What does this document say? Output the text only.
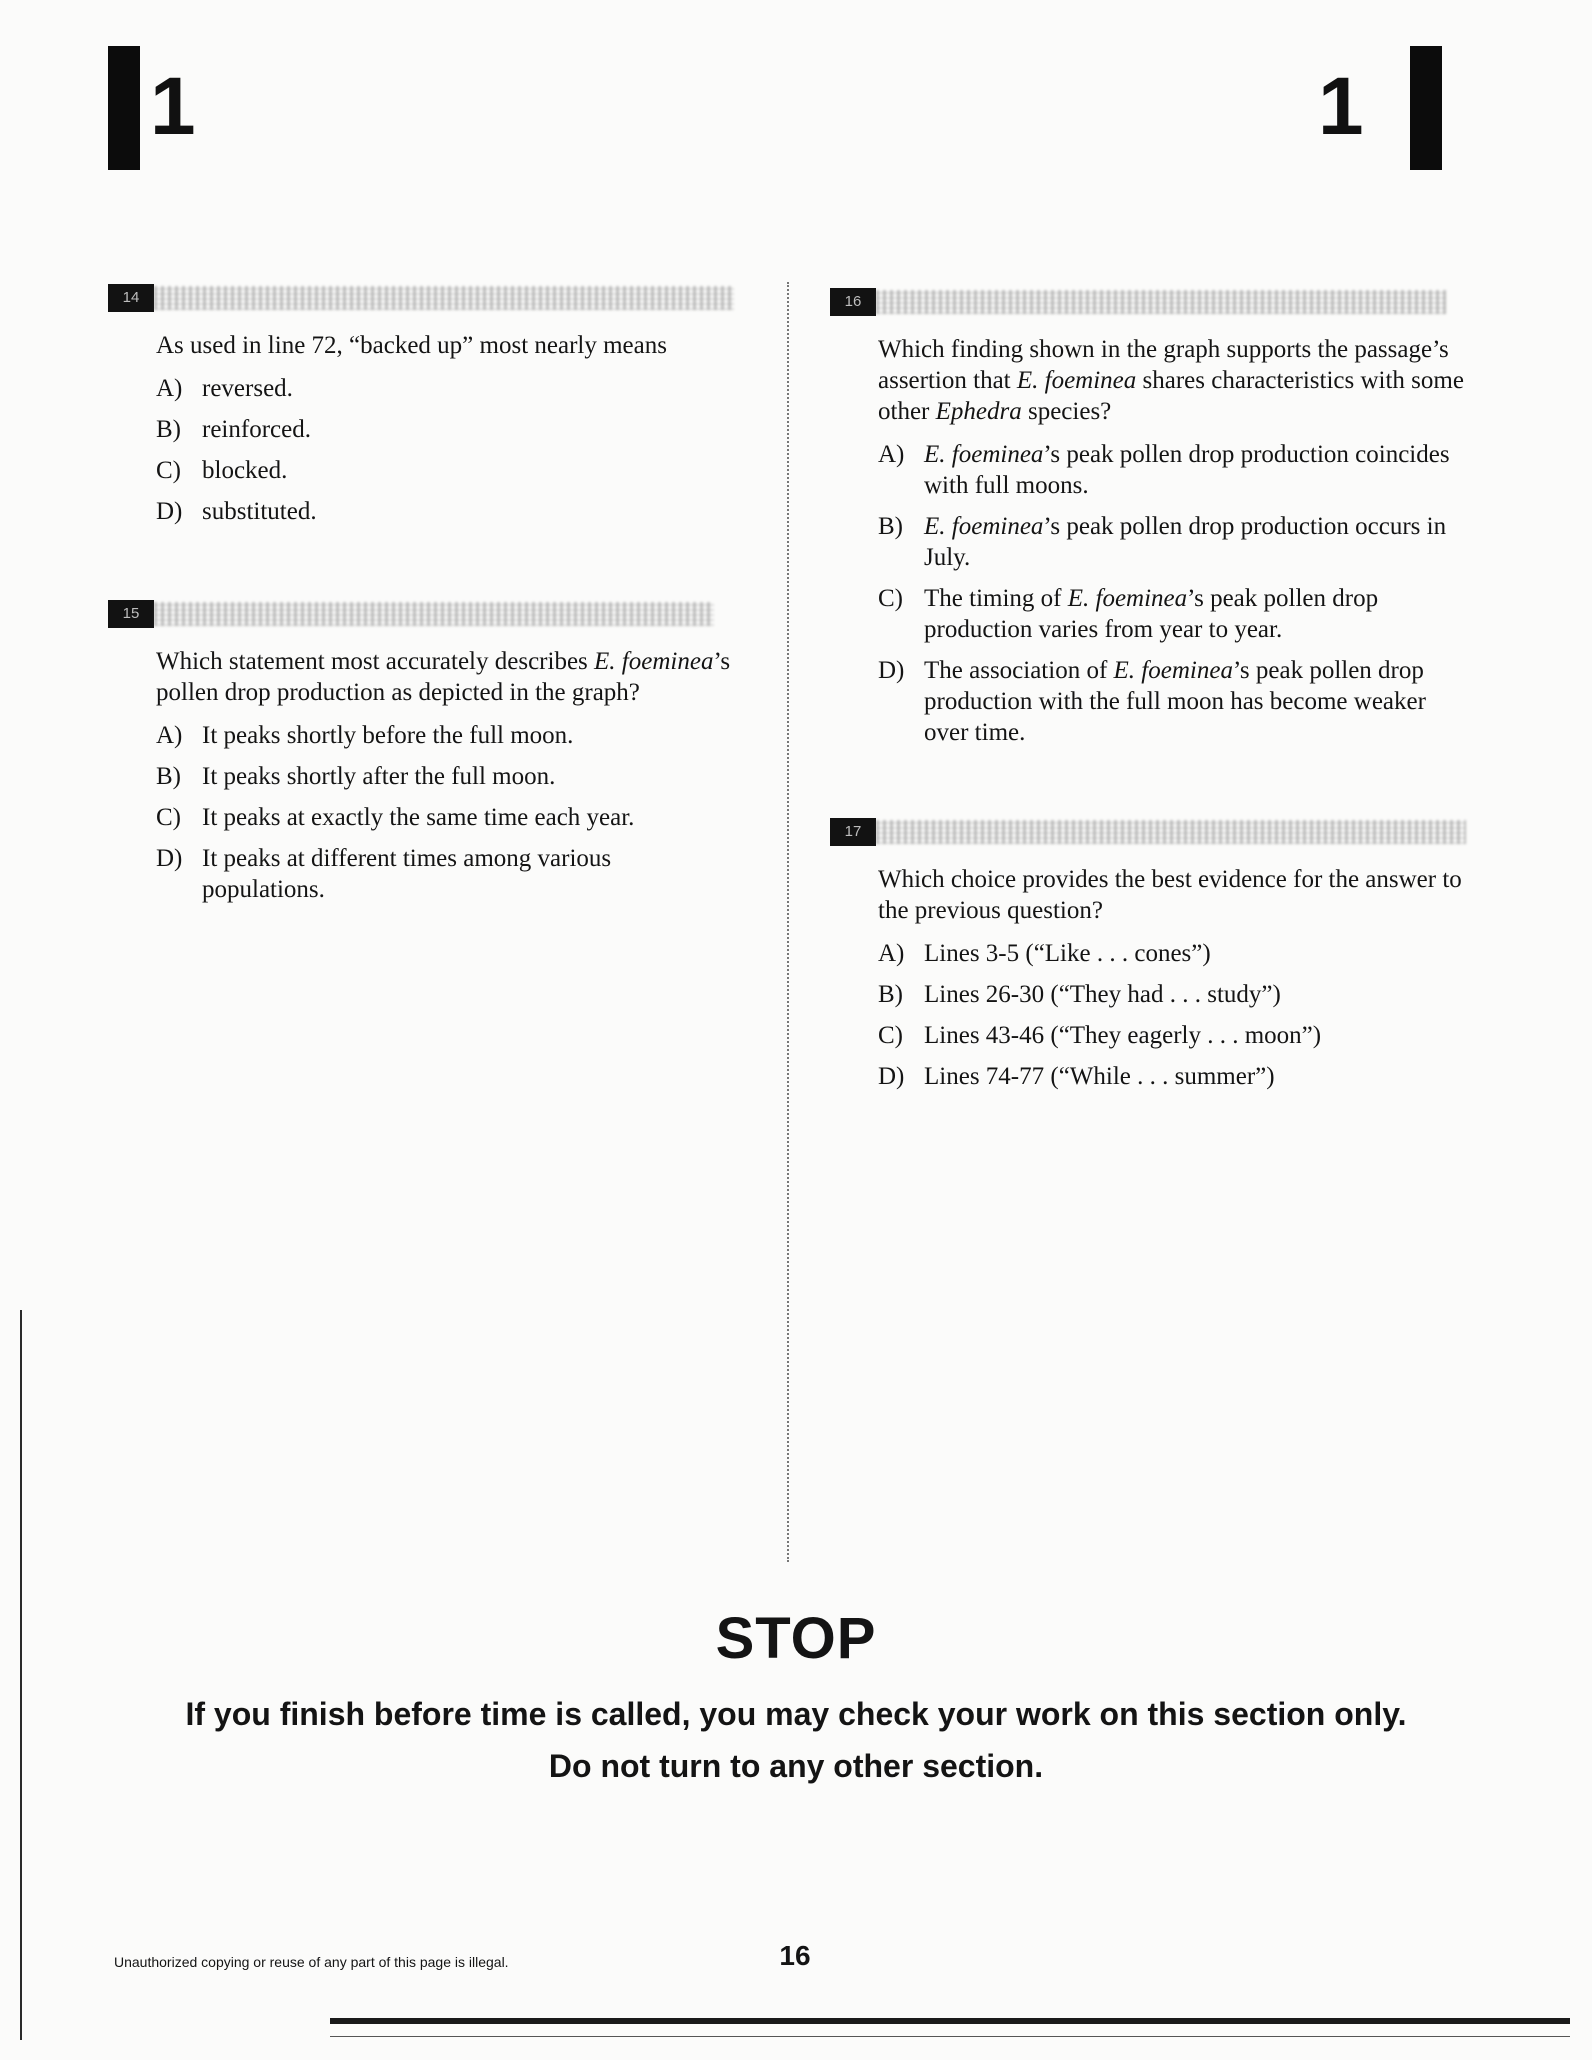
1	1
14
As used in line 72, “backed up” most nearly means
A) reversed.
B) reinforced.
C) blocked.
D) substituted.
15
Which statement most accurately describes E. foeminea’s pollen drop production as depicted in the graph?
A) It peaks shortly before the full moon.
B) It peaks shortly after the full moon.
C) It peaks at exactly the same time each year.
D) It peaks at different times among various populations.
16
Which finding shown in the graph supports the passage’s assertion that E. foeminea shares characteristics with some other Ephedra species?
A) E. foeminea’s peak pollen drop production coincides with full moons.
B) E. foeminea’s peak pollen drop production occurs in July.
C) The timing of E. foeminea’s peak pollen drop production varies from year to year.
D) The association of E. foeminea’s peak pollen drop production with the full moon has become weaker over time.
17
Which choice provides the best evidence for the answer to the previous question?
A) Lines 3-5 (“Like . . . cones”)
B) Lines 26-30 (“They had . . . study”)
C) Lines 43-46 (“They eagerly . . . moon”)
D) Lines 74-77 (“While . . . summer”)
STOP
If you finish before time is called, you may check your work on this section only.
Do not turn to any other section.
Unauthorized copying or reuse of any part of this page is illegal.	16
